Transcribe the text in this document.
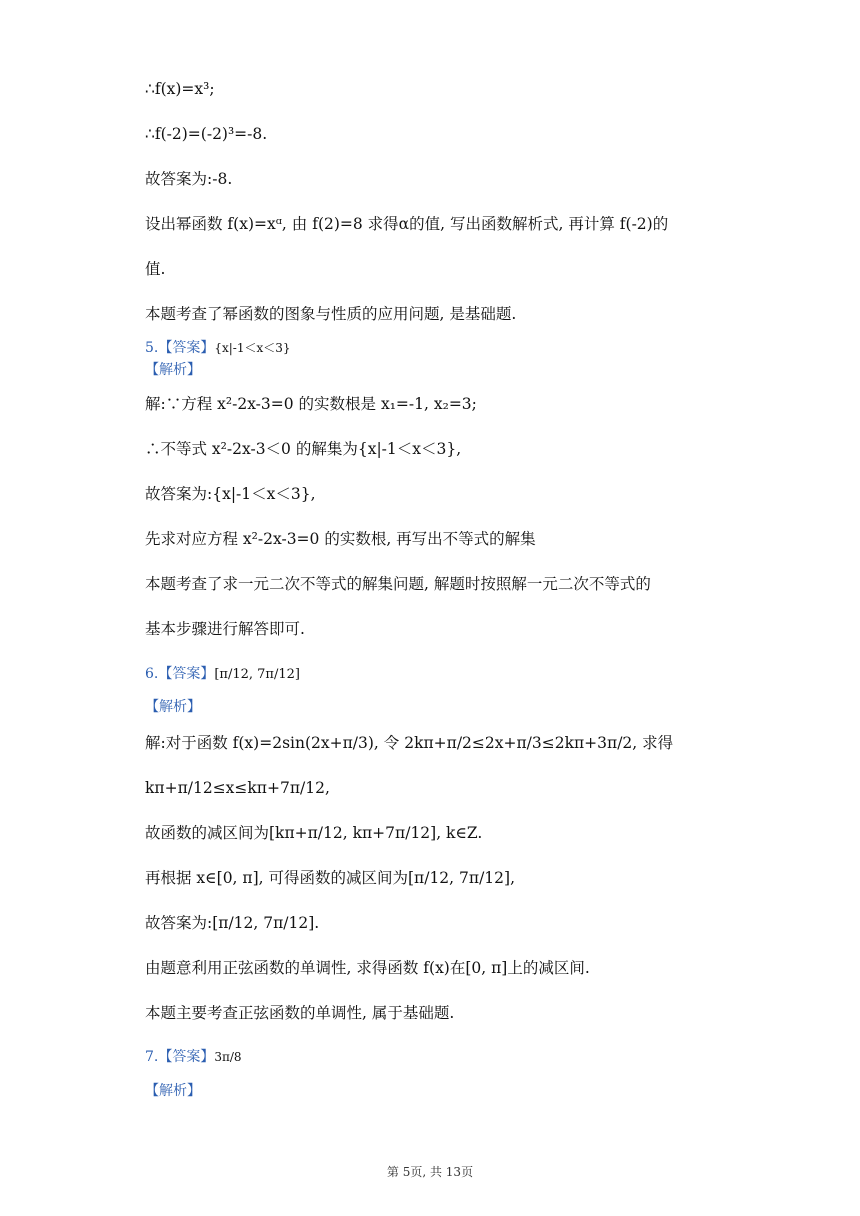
∴f(x)=x³;
∴f(-2)=(-2)³=-8.
故答案为:-8.
设出幂函数 f(x)=xᵅ, 由 f(2)=8 求得α的值, 写出函数解析式, 再计算 f(-2)的
值.
本题考查了幂函数的图象与性质的应用问题, 是基础题.
5.【答案】{x|-1＜x＜3}
【解析】
解:∵方程 x²-2x-3=0 的实数根是 x₁=-1, x₂=3;
∴不等式 x²-2x-3＜0 的解集为{x|-1＜x＜3},
故答案为:{x|-1＜x＜3},
先求对应方程 x²-2x-3=0 的实数根, 再写出不等式的解集
本题考查了求一元二次不等式的解集问题, 解题时按照解一元二次不等式的
基本步骤进行解答即可.
6.【答案】[π/12, 7π/12]
【解析】
解:对于函数 f(x)=2sin(2x+π/3), 令 2kπ+π/2≤2x+π/3≤2kπ+3π/2, 求得
kπ+π/12≤x≤kπ+7π/12,
故函数的减区间为[kπ+π/12, kπ+7π/12], k∈Z.
再根据 x∈[0, π], 可得函数的减区间为[π/12, 7π/12],
故答案为:[π/12, 7π/12].
由题意利用正弦函数的单调性, 求得函数 f(x)在[0, π]上的减区间.
本题主要考查正弦函数的单调性, 属于基础题.
7.【答案】3π/8
【解析】
第 5页, 共 13页
